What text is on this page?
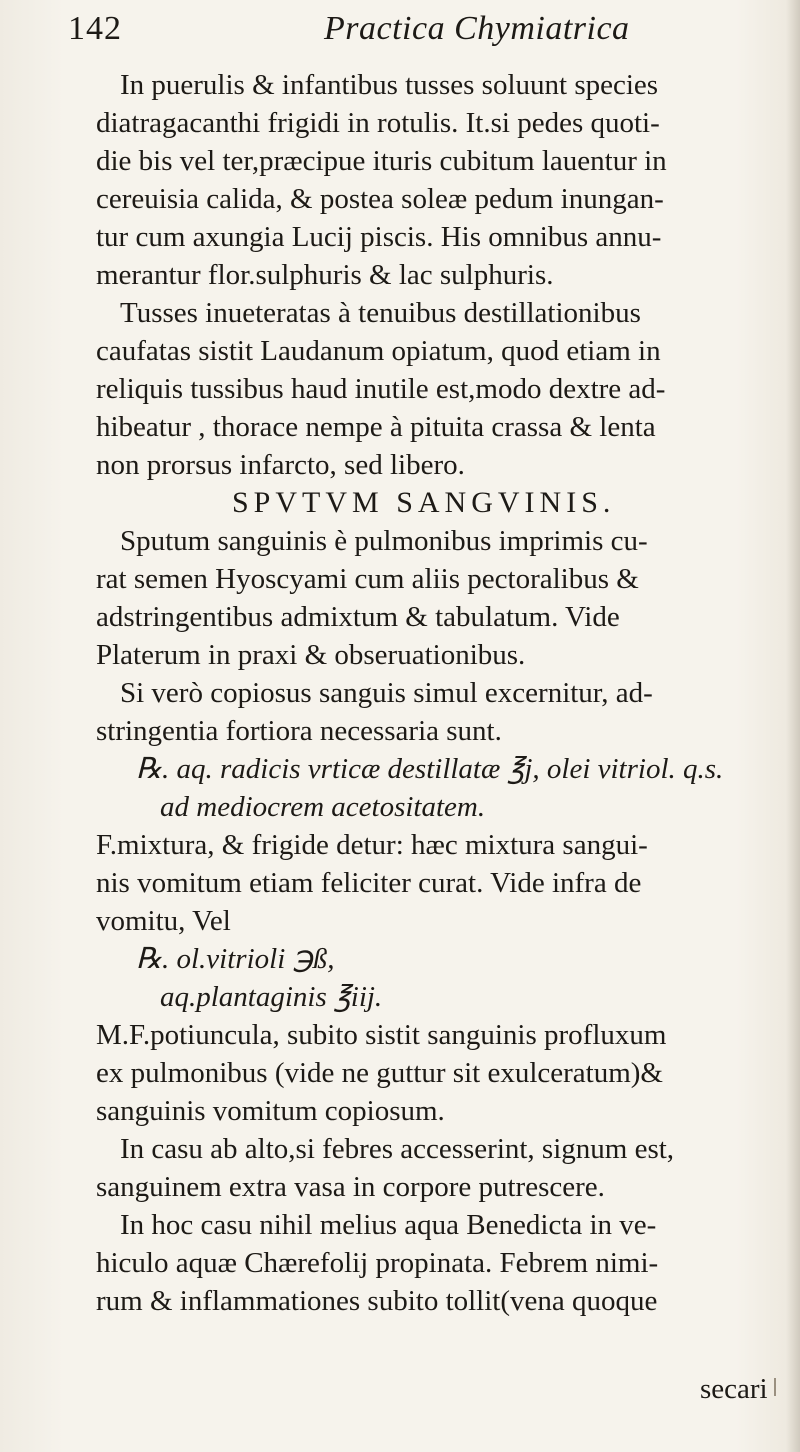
142	Practica Chymiatrica
In puerulis & infantibus tusses soluunt species
diatragacanthi frigidi in rotulis. It.si pedes quoti-
die bis vel ter,præcipue ituris cubitum lauentur in
cereuisia calida, & postea soleæ pedum inungan-
tur cum axungia Lucij piscis. His omnibus annu-
merantur flor.sulphuris & lac sulphuris.
Tusses inueteratas à tenuibus destillationibus
caufatas sistit Laudanum opiatum, quod etiam in
reliquis tussibus haud inutile est,modo dextre ad-
hibeatur , thorace nempe à pituita crassa & lenta
non prorsus infarcto, sed libero.
SPVTVM SANGVINIS.
Sputum sanguinis è pulmonibus imprimis cu-
rat semen Hyoscyami cum aliis pectoralibus &
adstringentibus admixtum & tabulatum. Vide
Platerum in praxi & obseruationibus.
Si verò copiosus sanguis simul excernitur, ad-
stringentia fortiora necessaria sunt.
℞. aq. radicis vrticæ destillatæ ℥j, olei vitriol. q.s.
ad mediocrem acetositatem.
F.mixtura, & frigide detur: hæc mixtura sangui-
nis vomitum etiam feliciter curat. Vide infra de
vomitu, Vel
℞. ol.vitrioli ℈ß,
aq.plantaginis ℥iij.
M.F.potiuncula, subito sistit sanguinis profluxum
ex pulmonibus (vide ne guttur sit exulceratum)&
sanguinis vomitum copiosum.
In casu ab alto,si febres accesserint, signum est,
sanguinem extra vasa in corpore putrescere.
In hoc casu nihil melius aqua Benedicta in ve-
hiculo aquæ Chærefolij propinata. Febrem nimi-
rum & inflammationes subito tollit(vena quoque
secari
